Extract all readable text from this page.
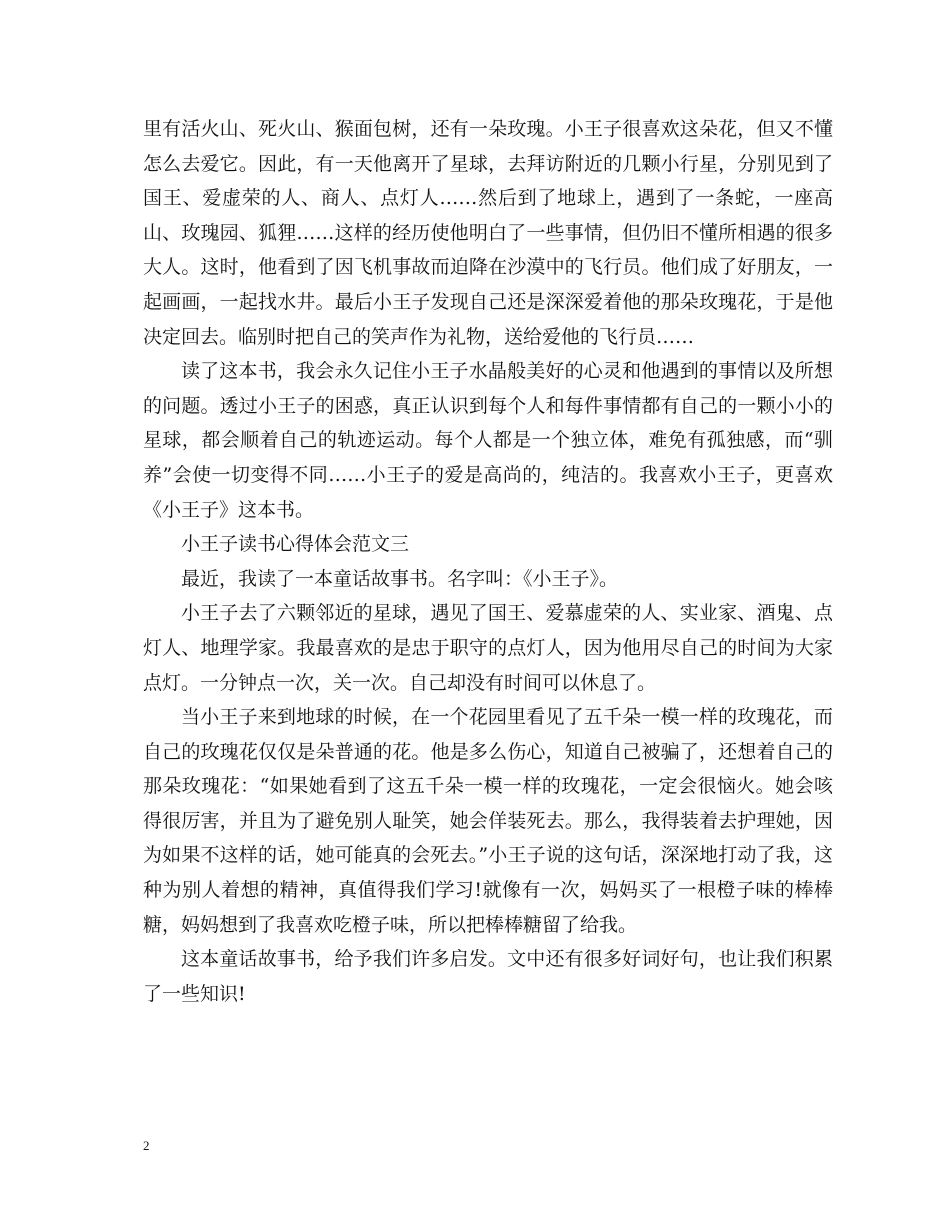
里有活火山、死火山、猴面包树，还有一朵玫瑰。小王子很喜欢这朵花，但又不懂怎么去爱它。因此，有一天他离开了星球，去拜访附近的几颗小行星，分别见到了国王、爱虚荣的人、商人、点灯人……然后到了地球上，遇到了一条蛇，一座高山、玫瑰园、狐狸……这样的经历使他明白了一些事情，但仍旧不懂所相遇的很多大人。这时，他看到了因飞机事故而迫降在沙漠中的飞行员。他们成了好朋友，一起画画，一起找水井。最后小王子发现自己还是深深爱着他的那朵玫瑰花，于是他决定回去。临别时把自己的笑声作为礼物，送给爱他的飞行员……

读了这本书，我会永久记住小王子水晶般美好的心灵和他遇到的事情以及所想的问题。透过小王子的困惑，真正认识到每个人和每件事情都有自己的一颗小小的星球，都会顺着自己的轨迹运动。每个人都是一个独立体，难免有孤独感，而“驯养”会使一切变得不同……小王子的爱是高尚的，纯洁的。我喜欢小王子，更喜欢《小王子》这本书。

小王子读书心得体会范文三

最近，我读了一本童话故事书。名字叫：《小王子》。

小王子去了六颗邻近的星球，遇见了国王、爱慕虚荣的人、实业家、酒鬼、点灯人、地理学家。我最喜欢的是忠于职守的点灯人，因为他用尽自己的时间为大家点灯。一分钟点一次，关一次。自己却没有时间可以休息了。

当小王子来到地球的时候，在一个花园里看见了五千朵一模一样的玫瑰花，而自己的玫瑰花仅仅是朵普通的花。他是多么伤心，知道自己被骗了，还想着自己的那朵玫瑰花：“如果她看到了这五千朵一模一样的玫瑰花，一定会很恼火。她会咳得很厉害，并且为了避免别人耻笑，她会佯装死去。那么，我得装着去护理她，因为如果不这样的话，她可能真的会死去。”小王子说的这句话，深深地打动了我，这种为别人着想的精神，真值得我们学习!就像有一次，妈妈买了一根橙子味的棒棒糖，妈妈想到了我喜欢吃橙子味，所以把棒棒糖留了给我。

这本童话故事书，给予我们许多启发。文中还有很多好词好句，也让我们积累了一些知识!

2
